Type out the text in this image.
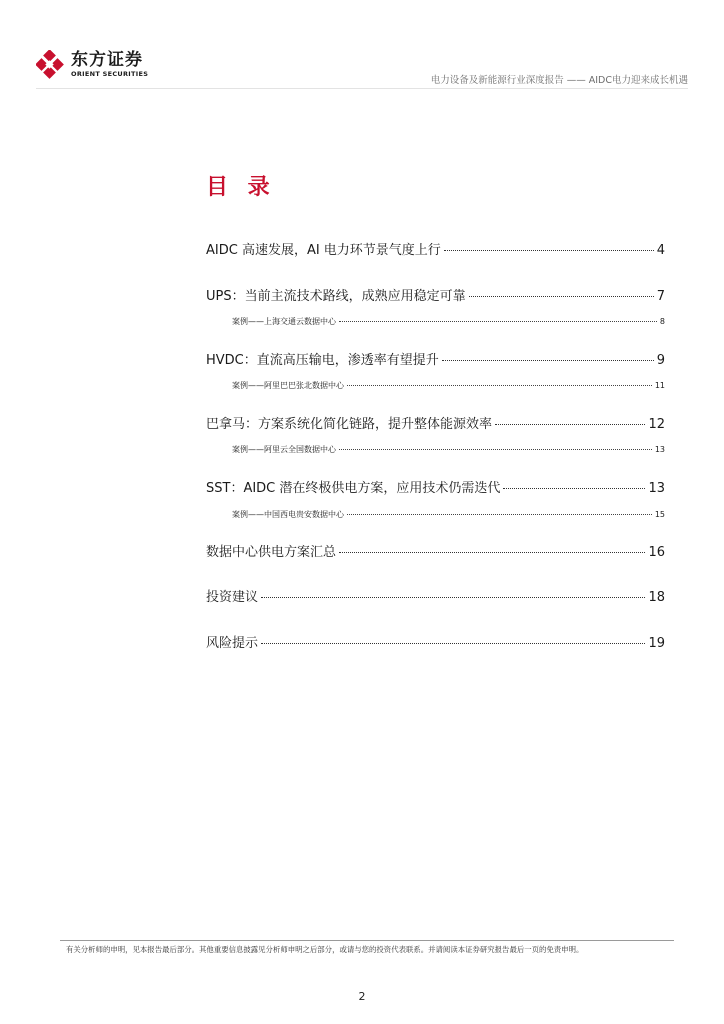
东方证券
ORIENT SECURITIES
电力设备及新能源行业深度报告 —— AIDC电力迎来成长机遇
目 录
AIDC 高速发展，AI 电力环节景气度上行	4
UPS：当前主流技术路线，成熟应用稳定可靠	7
案例——上海交通云数据中心	8
HVDC：直流高压输电，渗透率有望提升	9
案例——阿里巴巴张北数据中心	11
巴拿马：方案系统化简化链路，提升整体能源效率	12
案例——阿里云全国数据中心	13
SST：AIDC 潜在终极供电方案，应用技术仍需迭代	13
案例——中国西电贵安数据中心	15
数据中心供电方案汇总	16
投资建议	18
风险提示	19
有关分析师的申明，见本报告最后部分。其他重要信息披露见分析师申明之后部分，或请与您的投资代表联系。并请阅读本证券研究报告最后一页的免责申明。
2
